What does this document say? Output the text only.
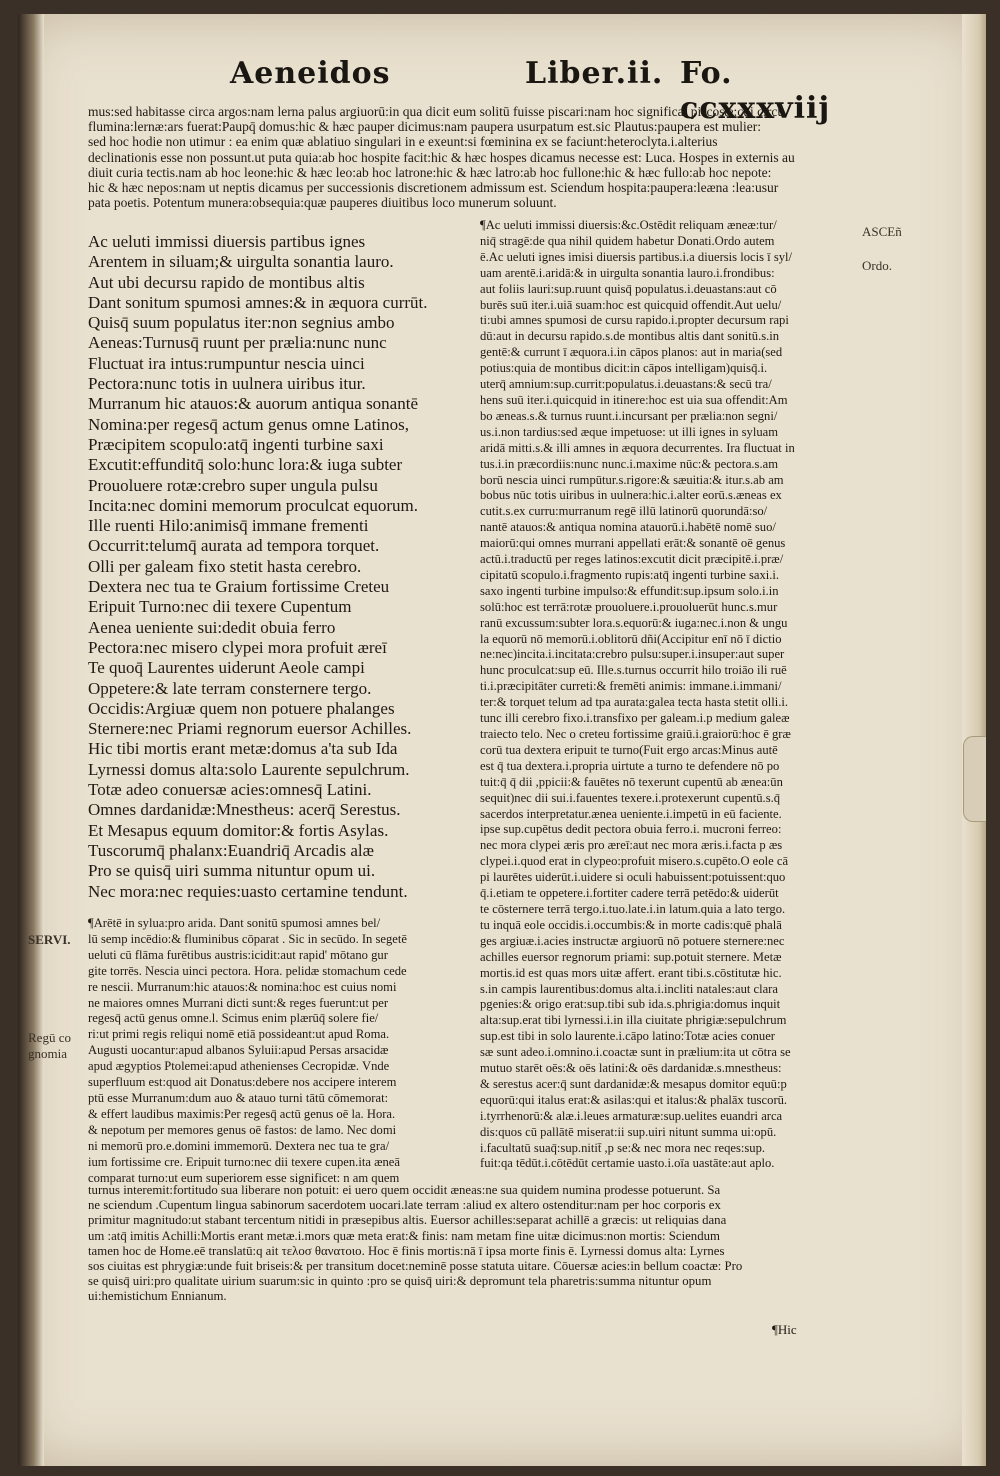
Aeneidos	Liber.ii. Fo. ccxxxviij
mus:sed habitasse circa argos:nam lerna palus argiuorū:in qua dicit eum solitū fuisse piscari:nam hoc significat piscosæ:cui circū
flumina:lernæ:ars fuerat:Paupq̄ domus:hic & hæc pauper dicimus:nam paupera usurpatum est.sic Plautus:paupera est mulier:
sed hoc hodie non utimur : ea enim quæ ablatiuo singulari in e exeunt:si fœminina ex se faciunt:heteroclyta.i.alterius
declinationis esse non possunt.ut puta quia:ab hoc hospite facit:hic & hæc hospes dicamus necesse est: Luca. Hospes in externis au
diuit curia tectis.nam ab hoc leone:hic & hæc leo:ab hoc latrone:hic & hæc latro:ab hoc fullone:hic & hæc fullo:ab hoc nepote:
hic & hæc nepos:nam ut neptis dicamus per successionis discretionem admissum est. Sciendum hospita:paupera:leæna :lea:usur
pata poetis. Potentum munera:obsequia:quæ pauperes diuitibus loco munerum soluunt.
Ac ueluti immissi diuersis partibus ignes
Arentem in siluam;& uirgulta sonantia lauro.
Aut ubi decursu rapido de montibus altis
Dant sonitum spumosi amnes:& in æquora currūt.
Quisq̄ suum populatus iter:non segnius ambo
Aeneas:Turnusq̄ ruunt per prælia:nunc nunc
Fluctuat ira intus:rumpuntur nescia uinci
Pectora:nunc totis in uulnera uiribus itur.
Murranum hic atauos:& auorum antiqua sonantē
Nomina:per regesq̄ actum genus omne Latinos,
Præcipitem scopulo:atq̄ ingenti turbine saxi
Excutit:effunditq̄ solo:hunc lora:& iuga subter
Prouoluere rotæ:crebro super ungula pulsu
Incita:nec domini memorum proculcat equorum.
Ille ruenti Hilo:animisq̄ immane frementi
Occurrit:telumq̄ aurata ad tempora torquet.
Olli per galeam fixo stetit hasta cerebro.
Dextera nec tua te Graium fortissime Creteu
Eripuit Turno:nec dii texere Cupentum
Aenea ueniente sui:dedit obuia ferro
Pectora:nec misero clypei mora profuit æreī
Te quoq̄ Laurentes uiderunt Aeole campi
Oppetere:& late terram consternere tergo.
Occidis:Argiuæ quem non potuere phalanges
Sternere:nec Priami regnorum euersor Achilles.
Hic tibi mortis erant metæ:domus a'ta sub Ida
Lyrnessi domus alta:solo Laurente sepulchrum.
Totæ adeo conuersæ acies:omnesq̄ Latini.
Omnes dardanidæ:Mnestheus: acerq̄ Serestus.
Et Mesapus equum domitor:& fortis Asylas.
Tuscorumq̄ phalanx:Euandriq̄ Arcadis alæ
Pro se quisq̄ uiri summa nituntur opum ui.
Nec mora:nec requies:uasto certamine tendunt.
¶Ac ueluti immissi diuersis:&c.Ostēdit reliquam æneæ:tur/
niq̄ stragē:de qua nihil quidem habetur Donati.Ordo autem
ē.Ac ueluti ignes imisi diuersis partibus.i.a diuersis locis ī syl/
uam arentē.i.aridā:& in uirgulta sonantia lauro.i.frondibus:
aut foliis lauri:sup.ruunt quisq̄ populatus.i.deuastans:aut cō
burēs suū iter.i.uiā suam:hoc est quicquid offendit.Aut uelu/
ti:ubi amnes spumosi de cursu rapido.i.propter decursum rapi
dū:aut in decursu rapido.s.de montibus altis dant sonitū.s.in
gentē:& currunt ī æquora.i.in cāpos planos: aut in maria(sed
potius:quia de montibus dicit:in cāpos intelligam)quisq̄.i.
uterq̄ amnium:sup.currit:populatus.i.deuastans:& secū tra/
hens suū iter.i.quicquid in itinere:hoc est uia sua offendit:Am
bo æneas.s.& turnus ruunt.i.incursant per prælia:non segni/
us.i.non tardius:sed æque impetuose: ut illi ignes in syluam
aridā mitti.s.& illi amnes in æquora decurrentes. Ira fluctuat in
tus.i.in præcordiis:nunc nunc.i.maxime nūc:& pectora.s.am
borū nescia uinci rumpūtur.s.rigore:& sæuitia:& itur.s.ab am
bobus nūc totis uiribus in uulnera:hic.i.alter eorū.s.æneas ex
cutit.s.ex curru:murranum regē illū latinorū quorundā:so/
nantē atauos:& antiqua nomina atauorū.i.habētē nomē suo/
maiorū:qui omnes murrani appellati erāt:& sonantē oē genus
actū.i.traductū per reges latinos:excutit dicit præcipitē.i.præ/
cipitatū scopulo.i.fragmento rupis:atq̄ ingenti turbine saxi.i.
saxo ingenti turbine impulso:& effundit:sup.ipsum solo.i.in
solū:hoc est terrā:rotæ prouoluere.i.prouoluerūt hunc.s.mur
ranū excussum:subter lora.s.equorū:& iuga:nec.i.non & ungu
la equorū nō memorū.i.oblitorū dñi(Accipitur enī nō ī dictio
ne:nec)incita.i.incitata:crebro pulsu:super.i.insuper:aut super
hunc proculcat:sup eū. Ille.s.turnus occurrit hilo troiāo ili ruē
ti.i.præcipitāter curreti:& fremēti animis: immane.i.immani/
ter:& torquet telum ad tpa aurata:galea tecta hasta stetit olli.i.
tunc illi cerebro fixo.i.transfixo per galeam.i.p medium galeæ
traiecto telo. Nec o creteu fortissime graiū.i.graiorū:hoc ē græ
corū tua dextera eripuit te turno(Fuit ergo arcas:Minus autē
est q̄ tua dextera.i.propria uirtute a turno te defendere nō po
tuit:q̄ q̄ dii ,ppicii:& fauētes nō texerunt cupentū ab ænea:ūn
sequit)nec dii sui.i.fauentes texere.i.protexerunt cupentū.s.q̄
sacerdos interpretatur.ænea ueniente.i.impetū in eū faciente.
ipse sup.cupētus dedit pectora obuia ferro.i. mucroni ferreo:
nec mora clypei æris pro æreī:aut nec mora æris.i.facta p æs
clypei.i.quod erat in clypeo:profuit misero.s.cupēto.O eole cā
pi laurētes uiderūt.i.uidere si oculi habuissent:potuissent:quo
q̄.i.etiam te oppetere.i.fortiter cadere terrā petēdo:& uiderūt
te cōsternere terrā tergo.i.tuo.late.i.in latum.quia a lato tergo.
tu inquā eole occidis.i.occumbis:& in morte cadis:quē phalā
ges argiuæ.i.acies instructæ argiuorū nō potuere sternere:nec
achilles euersor regnorum priami: sup.potuit sternere. Metæ
mortis.id est quas mors uitæ affert. erant tibi.s.cōstitutæ hic.
s.in campis laurentibus:domus alta.i.incliti natales:aut clara
pgenies:& origo erat:sup.tibi sub ida.s.phrigia:domus inquit
alta:sup.erat tibi lyrnessi.i.in illa ciuitate phrigiæ:sepulchrum
sup.est tibi in solo laurente.i.cāpo latino:Totæ acies conuer
sæ sunt adeo.i.omnino.i.coactæ sunt in prælium:ita ut cōtra se
mutuo starēt oēs:& oēs latini:& oēs dardanidæ.s.mnestheus:
& serestus acer:q̄ sunt dardanidæ:& mesapus domitor equū:p
equorū:qui italus erat:& asilas:qui et italus:& phalāx tuscorū.
i.tyrrhenorū:& alæ.i.leues armaturæ:sup.uelites euandri arca
dis:quos cū pallātē miserat:ii sup.uiri nitunt summa ui:opū.
i.facultatū suaq̄:sup.nitit̄ ,p se:& nec mora nec reqes:sup.
fuit:qa tēdūt.i.cōtēdūt certamie uasto.i.oīa uastāte:aut aplo.
¶Arētē in sylua:pro arida. Dant sonitū spumosi amnes bel/
lū semp incēdio:& fluminibus cōparat . Sic in secūdo. In segetē
ueluti cū flāma furētibus austris:icidit:aut rapid' mōtano gur
gite torrēs. Nescia uinci pectora. Hora. pelidæ stomachum cede
re nescii. Murranum:hic atauos:& nomina:hoc est cuius nomi
ne maiores omnes Murrani dicti sunt:& reges fuerunt:ut per
regesq̄ actū genus omne.l. Scimus enim plærūq̄ solere fie/
ri:ut primi regis reliqui nomē etiā possideant:ut apud Roma.
Augusti uocantur:apud albanos Syluii:apud Persas arsacidæ
apud ægyptios Ptolemei:apud athenienses Cecropidæ. Vnde
superfluum est:quod ait Donatus:debere nos accipere interem
ptū esse Murranum:dum auo & atauo turni tātū cōmemorat:
& effert laudibus maximis:Per regesq̄ actū genus oē la. Hora.
& nepotum per memores genus oē fastos: de lamo. Nec domi
ni memorū pro.e.domini immemorū. Dextera nec tua te gra/
ium fortissime cre. Eripuit turno:nec dii texere cupen.ita æneā
comparat turno:ut eum superiorem esse significet: n am quem
turnus interemit:fortitudo sua liberare non potuit: ei uero quem occidit æneas:ne sua quidem numina prodesse potuerunt. Sa
ne sciendum .Cupentum lingua sabinorum sacerdotem uocari.late terram :aliud ex altero ostenditur:nam per hoc corporis ex
primitur magnitudo:ut stabant tercentum nitidi in præsepibus altis. Euersor achilles:separat achillē a græcis: ut reliquias dana
um :atq̄ imitis Achilli:Mortis erant metæ.i.mors quæ meta erat:& finis: nam metam fine uitæ dicimus:non mortis: Sciendum
tamen hoc de Home.eē translatū:q ait τελοσ θανατοιο. Hoc ē finis mortis:nā ī ipsa morte finis ē. Lyrnessi domus alta: Lyrnes
sos ciuitas est phrygiæ:unde fuit briseis:& per transitum docet:neminē posse statuta uitare. Cōuersæ acies:in bellum coactæ: Pro
se quisq̄ uiri:pro qualitate uirium suarum:sic in quinto :pro se quisq̄ uiri:& depromunt tela pharetris:summa nituntur opum
ui:hemistichum Ennianum.
ASCEñ
Ordo.
SERVI.
Regū co
gnomia
¶Hic
